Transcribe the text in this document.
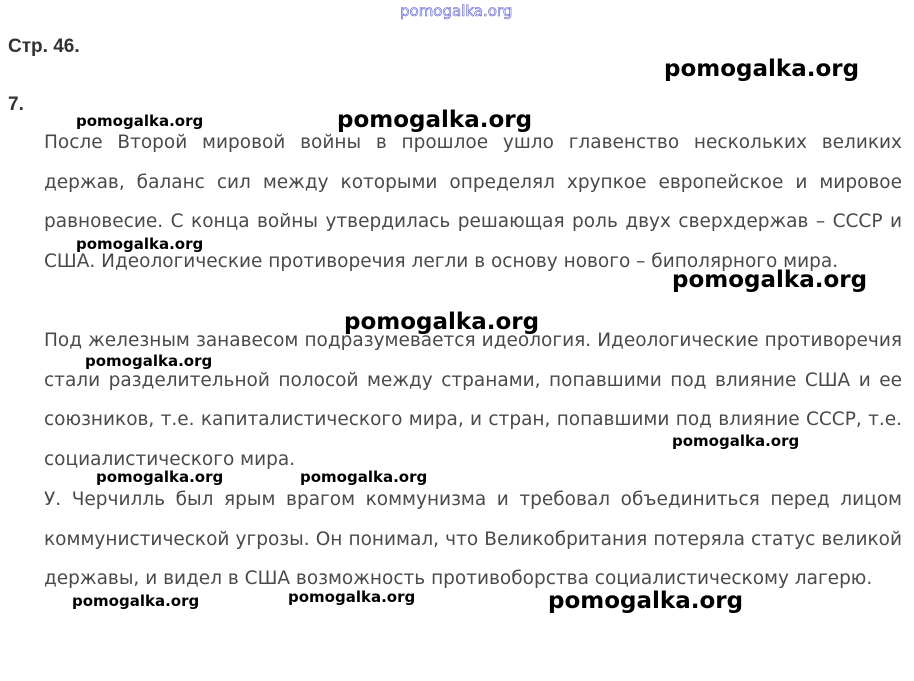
pomogalka.org
Стр. 46.
7.
После Второй мировой войны в прошлое ушло главенство нескольких великих держав, баланс сил между которыми определял хрупкое европейское и мировое равновесие. С конца войны утвердилась решающая роль двух сверхдержав – СССР и США. Идеологические противоречия легли в основу нового – биполярного мира.
Под железным занавесом подразумевается идеология. Идеологические противоречия стали разделительной полосой между странами, попавшими под влияние США и ее союзников, т.е. капиталистического мира, и стран, попавшими под влияние СССР, т.е. социалистического мира.
У. Черчилль был ярым врагом коммунизма и требовал объединиться перед лицом коммунистической угрозы. Он понимал, что Великобритания потеряла статус великой державы, и видел в США возможность противоборства социалистическому лагерю.
pomogalka.org
pomogalka.org	pomogalka.org
pomogalka.org
pomogalka.org
pomogalka.org
pomogalka.org
pomogalka.org
pomogalka.org	pomogalka.org
pomogalka.org	pomogalka.org	pomogalka.org
